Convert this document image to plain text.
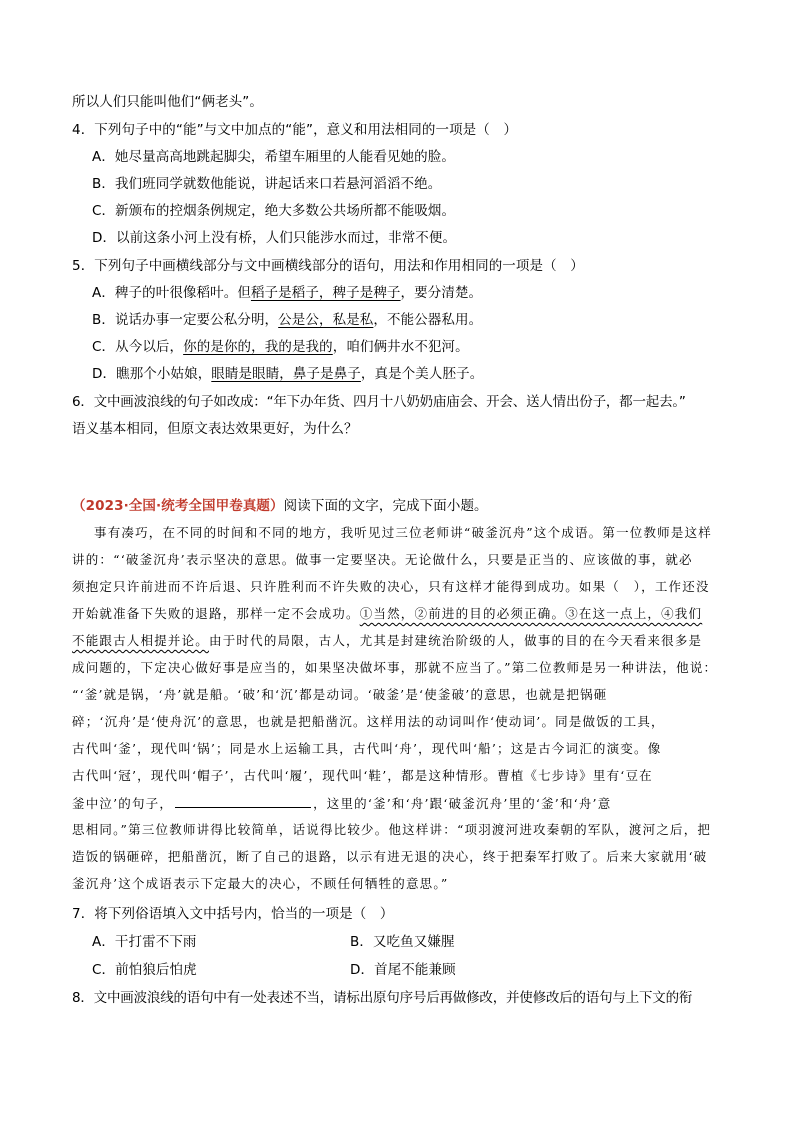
所以人们只能叫他们“俩老头”。
4．下列句子中的“能”与文中加点的“能”，意义和用法相同的一项是（　）
A．她尽量高高地跳起脚尖，希望车厢里的人能看见她的脸。
B．我们班同学就数他能说，讲起话来口若悬河滔滔不绝。
C．新颁布的控烟条例规定，绝大多数公共场所都不能吸烟。
D．以前这条小河上没有桥，人们只能涉水而过，非常不便。
5．下列句子中画横线部分与文中画横线部分的语句，用法和作用相同的一项是（　）
A．稗子的叶很像稻叶。但稻子是稻子，稗子是稗子，要分清楚。
B．说话办事一定要公私分明，公是公，私是私，不能公器私用。
C．从今以后，你的是你的，我的是我的，咱们俩井水不犯河。
D．瞧那个小姑娘，眼睛是眼睛，鼻子是鼻子，真是个美人胚子。
6．文中画波浪线的句子如改成：“年下办年货、四月十八奶奶庙庙会、开会、送人情出份子，都一起去。”
语义基本相同，但原文表达效果更好，为什么？
（2023·全国·统考全国甲卷真题）阅读下面的文字，完成下面小题。
事有凑巧，在不同的时间和不同的地方，我听见过三位老师讲“破釜沉舟”这个成语。第一位教师是这样
讲的：“‘破釜沉舟’表示坚决的意思。做事一定要坚决。无论做什么，只要是正当的、应该做的事，就必
须抱定只许前进而不许后退、只许胜利而不许失败的决心，只有这样才能得到成功。如果（　），工作还没
开始就准备下失败的退路，那样一定不会成功。①当然，②前进的目的必须正确。③在这一点上，④我们
不能跟古人相提并论。由于时代的局限，古人，尤其是封建统治阶级的人，做事的目的在今天看来很多是
成问题的，下定决心做好事是应当的，如果坚决做坏事，那就不应当了。”第二位教师是另一种讲法，他说：
“‘釜’就是锅，‘舟’就是船。‘破’和‘沉’都是动词。‘破釜’是‘使釜破’的意思，也就是把锅砸
碎；‘沉舟’是‘使舟沉’的意思，也就是把船凿沉。这样用法的动词叫作‘使动词’。同是做饭的工具，
古代叫‘釜’，现代叫‘锅’；同是水上运输工具，古代叫‘舟’，现代叫‘船’；这是古今词汇的演变。像
古代叫‘冠’，现代叫‘帽子’，古代叫‘履’，现代叫‘鞋’，都是这种情形。曹植《七步诗》里有‘豆在
釜中泣’的句子，	，这里的‘釜’和‘舟’跟‘破釜沉舟’里的‘釜’和‘舟’意
思相同。”第三位教师讲得比较简单，话说得比较少。他这样讲：“项羽渡河进攻秦朝的军队，渡河之后，把
造饭的锅砸碎，把船凿沉，断了自己的退路，以示有进无退的决心，终于把秦军打败了。后来大家就用‘破
釜沉舟’这个成语表示下定最大的决心，不顾任何牺牲的意思。”
7．将下列俗语填入文中括号内，恰当的一项是（　）
A．干打雷不下雨	B．又吃鱼又嫌腥
C．前怕狼后怕虎	D．首尾不能兼顾
8．文中画波浪线的语句中有一处表述不当，请标出原句序号后再做修改，并使修改后的语句与上下文的衔
